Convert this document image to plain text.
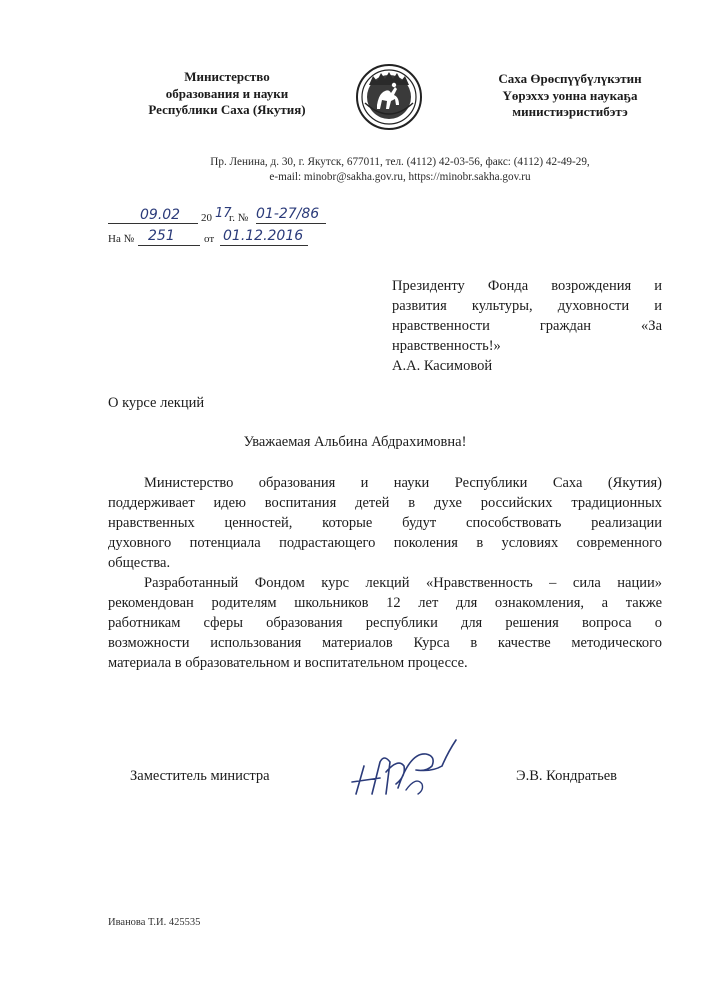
Министерство
образования и науки
Республики Саха (Якутия)
Саха Өрөспүүбүлүкэтин
Үөрэххэ уонна наукаҕа
министиэристибэтэ
Пр. Ленина, д. 30, г. Якутск, 677011, тел. (4112) 42-03-56, факс: (4112) 42-49-29,
e-mail: minobr@sakha.gov.ru, https://minobr.sakha.gov.ru
09.02 20 17
г. № 01-27/86
На № 251	от 01.12.2016
Президенту Фонда возрождения и
развития культуры, духовности и
нравственности граждан «За
нравственность!»
А.А. Касимовой
О курсе лекций
Уважаемая Альбина Абдрахимовна!
Министерство образования и науки Республики Саха (Якутия)
поддерживает идею воспитания детей в духе российских традиционных
нравственных ценностей, которые будут способствовать реализации
духовного потенциала подрастающего поколения в условиях современного
общества.
Разработанный Фондом курс лекций «Нравственность – сила нации»
рекомендован родителям школьников 12 лет для ознакомления, а также
работникам сферы образования республики для решения вопроса о
возможности использования материалов Курса в качестве методического
материала в образовательном и воспитательном процессе.
Заместитель министра	Э.В. Кондратьев
Иванова Т.И. 425535
